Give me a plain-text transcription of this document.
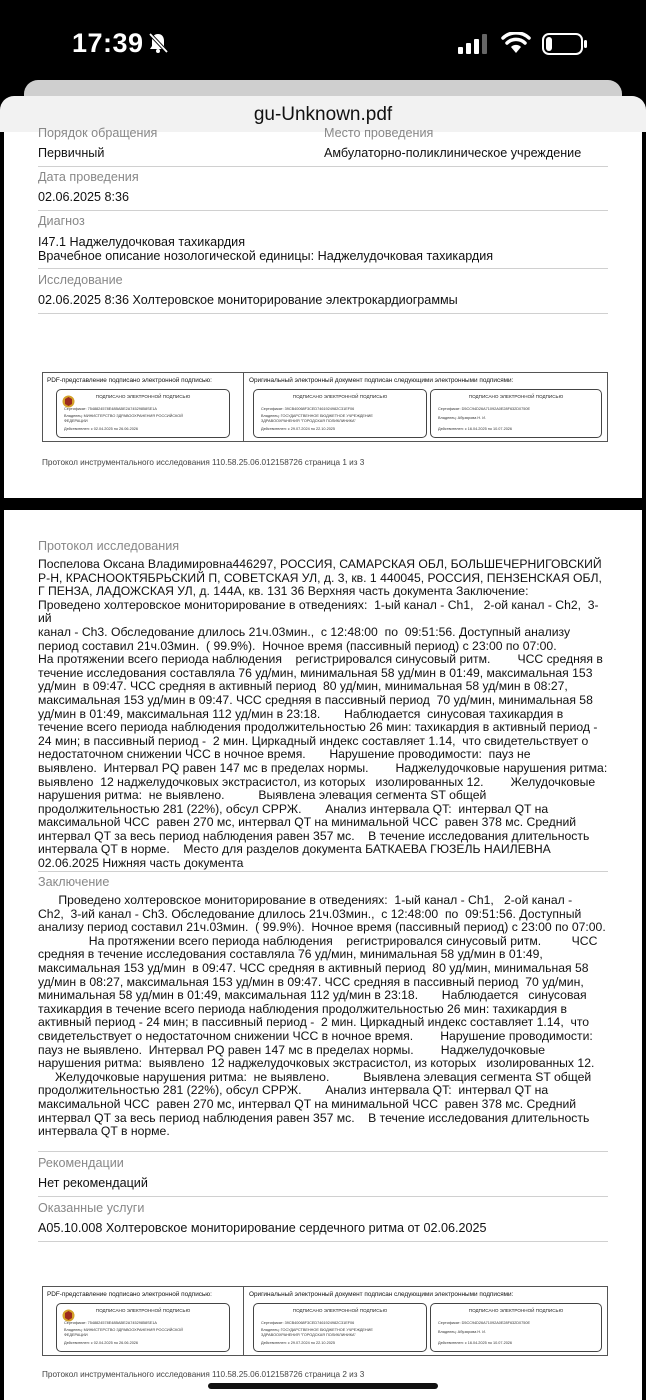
17:39
gu-Unknown.pdf
Порядок обращения	Место проведения
Первичный	Амбулаторно-поликлиническое учреждение
Дата проведения
02.06.2025 8:36
Диагноз
I47.1 Наджелудочковая тахикардия
Врачебное описание нозологической единицы: Наджелудочковая тахикардия
Исследование
02.06.2025 8:36 Холтеровское мониторирование электрокардиограммы
PDF-представление подписано электронной подписью:
ПОДПИСАНО ЭЛЕКТРОННОЙ ПОДПИСЬЮ
Сертификат: 7548824578E48BABE2A74529858SE1A
Владелец: МИНИСТЕРСТВО ЗДРАВООХРАНЕНИЯ РОССИЙСКОЙ
ФЕДЕРАЦИИ
Действителен: с 02.04.2025 по 26.06.2026
Оригинальный электронный документ подписан следующими электронными подписями:
ПОДПИСАНО ЭЛЕКТРОННОЙ ПОДПИСЬЮ
Сертификат: 39CB40068F3CED7461924982C31EF06
Владелец: ГОСУДАРСТВЕННОЕ БЮДЖЕТНОЕ УЧРЕЖДЕНИЕ
ЗДРАВООХРАНЕНИЯ "ГОРОДСКАЯ ПОЛИКЛИНИКА"
Действителен: с 29.07.2024 по 22.10.2025
ПОДПИСАНО ЭЛЕКТРОННОЙ ПОДПИСЬЮ
Сертификат: D5CC94D26A71092A0E28F632D0750E
Владелец: Абузярова Н. И.
Действителен: с 16.04.2025 по 10.07.2026
Протокол инструментального исследования 110.58.25.06.012158726 страница 1 из 3
Протокол исследования
Поспелова Оксана Владимировна446297, РОССИЯ, САМАРСКАЯ ОБЛ, БОЛЬШЕЧЕРНИГОВСКИЙ
Р-Н, КРАСНООКТЯБРЬСКИЙ П, СОВЕТСКАЯ УЛ, д. 3, кв. 1 440045, РОССИЯ, ПЕНЗЕНСКАЯ ОБЛ,
Г ПЕНЗА, ЛАДОЖСКАЯ УЛ, д. 144А, кв. 131 36 Верхняя часть документа Заключение:
Проведено холтеровское мониторирование в отведениях:  1-ый канал - Ch1,   2-ой канал - Ch2,  3-ий
канал - Ch3. Обследование длилось 21ч.03мин.,  с 12:48:00  по  09:51:56. Доступный анализу
период составил 21ч.03мин.  ( 99.9%).  Ночное время (пассивный период) с 23:00 по 07:00.
На протяжении всего периода наблюдения    регистрировался синусовый ритм.        ЧСС средняя в
течение исследования составляла 76 уд/мин, минимальная 58 уд/мин в 01:49, максимальная 153
уд/мин  в 09:47. ЧСС средняя в активный период  80 уд/мин, минимальная 58 уд/мин в 08:27,
максимальная 153 уд/мин в 09:47. ЧСС средняя в пассивный период  70 уд/мин, минимальная 58
уд/мин в 01:49, максимальная 112 уд/мин в 23:18.       Наблюдается  синусовая тахикардия в
течение всего периода наблюдения продолжительностью 26 мин: тахикардия в активный период -
24 мин; в пассивный период -  2 мин. Циркадный индекс составляет 1.14,  что свидетельствует о
недостаточном снижении ЧСС в ночное время.       Нарушение проводимости:  пауз не
выявлено.  Интервал PQ равен 147 мс в пределах нормы.        Наджелудочковые нарушения ритма:
выявлено  12 наджелудочковых экстрасистол, из которых   изолированных 12.        Желудочковые
нарушения ритма:  не выявлено.          Выявлена элевация сегмента ST общей
продолжительностью 281 (22%), обсул СРРЖ.       Анализ интервала QT:  интервал QT на
максимальной ЧСС  равен 270 мс, интервал QT на минимальной ЧСС  равен 378 мс. Средний
интервал QT за весь период наблюдения равен 357 мс.    В течение исследования длительность
интервала QT в норме.    Место для разделов документа БАТКАЕВА ГЮЗЕЛЬ НАИЛЕВНА
02.06.2025 Нижняя часть документа
Заключение
Проведено холтеровское мониторирование в отведениях:  1-ый канал - Ch1,   2-ой канал -
Ch2,  3-ий канал - Ch3. Обследование длилось 21ч.03мин.,  с 12:48:00  по  09:51:56. Доступный
анализу период составил 21ч.03мин.  ( 99.9%).  Ночное время (пассивный период) с 23:00 по 07:00.
На протяжении всего периода наблюдения    регистрировался синусовый ритм.         ЧСС
средняя в течение исследования составляла 76 уд/мин, минимальная 58 уд/мин в 01:49,
максимальная 153 уд/мин  в 09:47. ЧСС средняя в активный период  80 уд/мин, минимальная 58
уд/мин в 08:27, максимальная 153 уд/мин в 09:47. ЧСС средняя в пассивный период  70 уд/мин,
минимальная 58 уд/мин в 01:49, максимальная 112 уд/мин в 23:18.       Наблюдается   синусовая
тахикардия в течение всего периода наблюдения продолжительностью 26 мин: тахикардия в
активный период - 24 мин; в пассивный период -  2 мин. Циркадный индекс составляет 1.14,  что
свидетельствует о недостаточном снижении ЧСС в ночное время.        Нарушение проводимости:
пауз не выявлено.  Интервал PQ равен 147 мс в пределах нормы.        Наджелудочковые
нарушения ритма:  выявлено  12 наджелудочковых экстрасистол, из которых   изолированных 12.
Желудочковые нарушения ритма:  не выявлено.          Выявлена элевация сегмента ST общей
продолжительностью 281 (22%), обсул СРРЖ.       Анализ интервала QT:  интервал QT на
максимальной ЧСС  равен 270 мс, интервал QT на минимальной ЧСС  равен 378 мс. Средний
интервал QT за весь период наблюдения равен 357 мс.    В течение исследования длительность
интервала QT в норме.
Рекомендации
Нет рекомендаций
Оказанные услуги
A05.10.008 Холтеровское мониторирование сердечного ритма от 02.06.2025
PDF-представление подписано электронной подписью:
ПОДПИСАНО ЭЛЕКТРОННОЙ ПОДПИСЬЮ
Сертификат: 7548824578E48BABE2A74529858SE1A
Владелец: МИНИСТЕРСТВО ЗДРАВООХРАНЕНИЯ РОССИЙСКОЙ
ФЕДЕРАЦИИ
Действителен: с 02.04.2025 по 26.06.2026
Оригинальный электронный документ подписан следующими электронными подписями:
ПОДПИСАНО ЭЛЕКТРОННОЙ ПОДПИСЬЮ
Сертификат: 39CB40068F3CED7461924982C31EF06
Владелец: ГОСУДАРСТВЕННОЕ БЮДЖЕТНОЕ УЧРЕЖДЕНИЕ
ЗДРАВООХРАНЕНИЯ "ГОРОДСКАЯ ПОЛИКЛИНИКА"
Действителен: с 29.07.2024 по 22.10.2025
ПОДПИСАНО ЭЛЕКТРОННОЙ ПОДПИСЬЮ
Сертификат: D5CC94D26A71092A0E28F632D0750E
Владелец: Абузярова Н. И.
Действителен: с 16.04.2025 по 10.07.2026
Протокол инструментального исследования 110.58.25.06.012158726 страница 2 из 3
